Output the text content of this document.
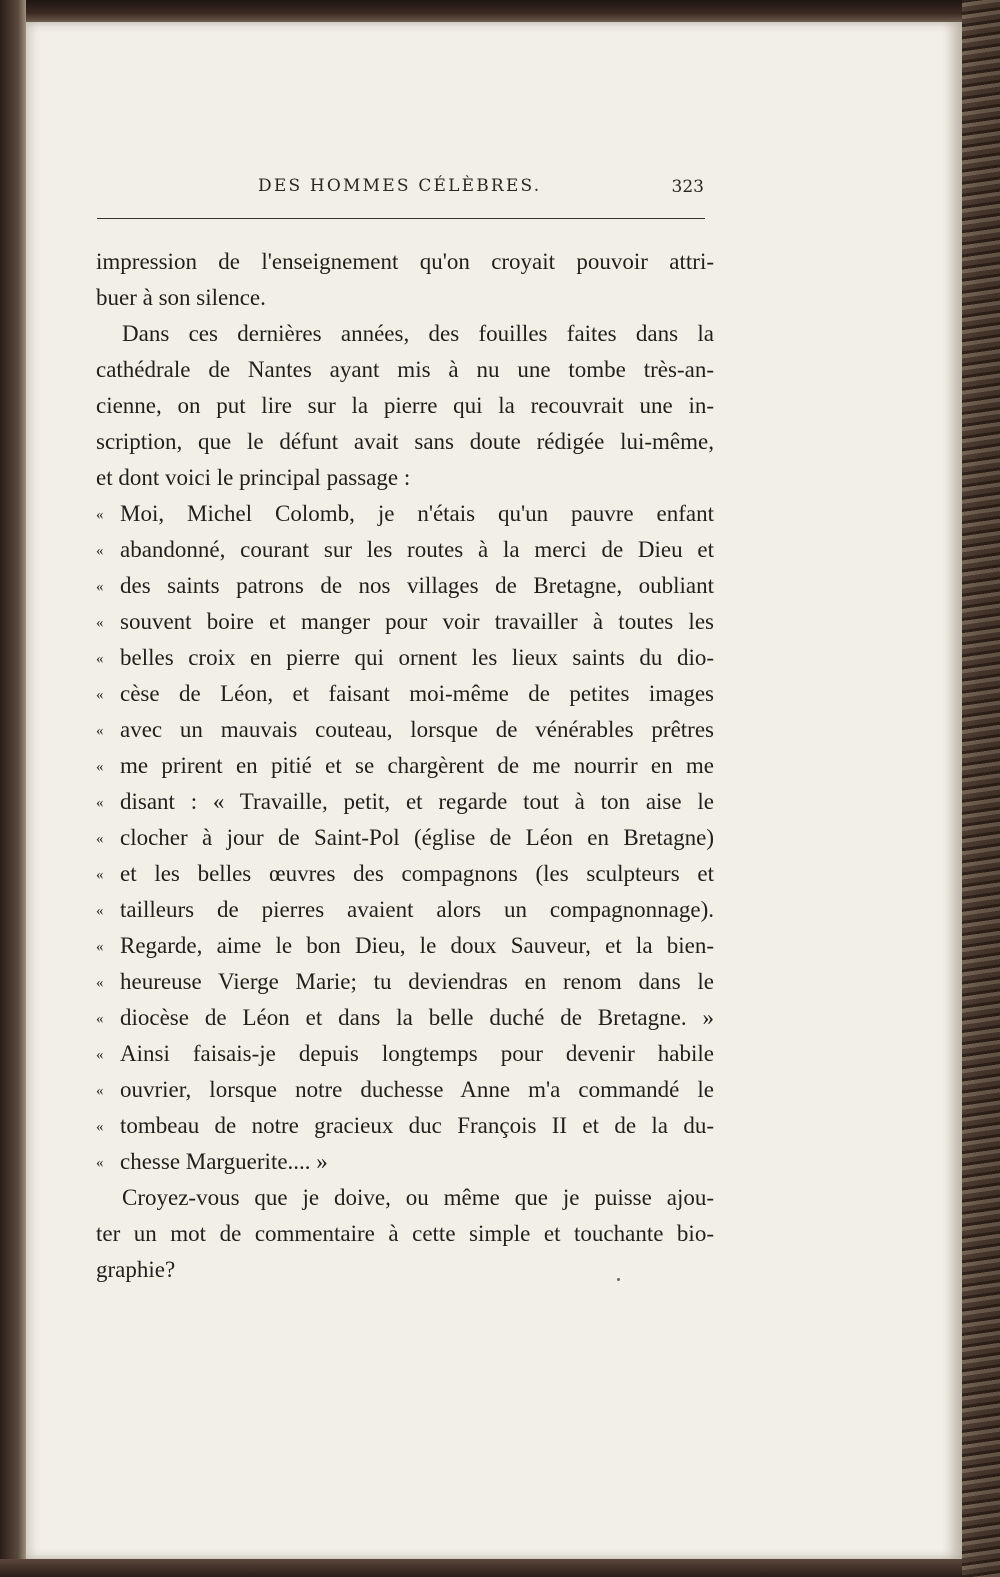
DES HOMMES CÉLÈBRES.	323
impression de l'enseignement qu'on croyait pouvoir attri-
buer à son silence.
Dans ces dernières années, des fouilles faites dans la
cathédrale de Nantes ayant mis à nu une tombe très-an-
cienne, on put lire sur la pierre qui la recouvrait une in-
scription, que le défunt avait sans doute rédigée lui-même,
et dont voici le principal passage :
« Moi, Michel Colomb, je n'étais qu'un pauvre enfant
« abandonné, courant sur les routes à la merci de Dieu et
« des saints patrons de nos villages de Bretagne, oubliant
« souvent boire et manger pour voir travailler à toutes les
« belles croix en pierre qui ornent les lieux saints du dio-
« cèse de Léon, et faisant moi-même de petites images
« avec un mauvais couteau, lorsque de vénérables prêtres
« me prirent en pitié et se chargèrent de me nourrir en me
« disant : « Travaille, petit, et regarde tout à ton aise le
« clocher à jour de Saint-Pol (église de Léon en Bretagne)
« et les belles œuvres des compagnons (les sculpteurs et
« tailleurs de pierres avaient alors un compagnonnage).
« Regarde, aime le bon Dieu, le doux Sauveur, et la bien-
« heureuse Vierge Marie; tu deviendras en renom dans le
« diocèse de Léon et dans la belle duché de Bretagne. »
« Ainsi faisais-je depuis longtemps pour devenir habile
« ouvrier, lorsque notre duchesse Anne m'a commandé le
« tombeau de notre gracieux duc François II et de la du-
« chesse Marguerite.... »
Croyez-vous que je doive, ou même que je puisse ajou-
ter un mot de commentaire à cette simple et touchante bio-
graphie?
